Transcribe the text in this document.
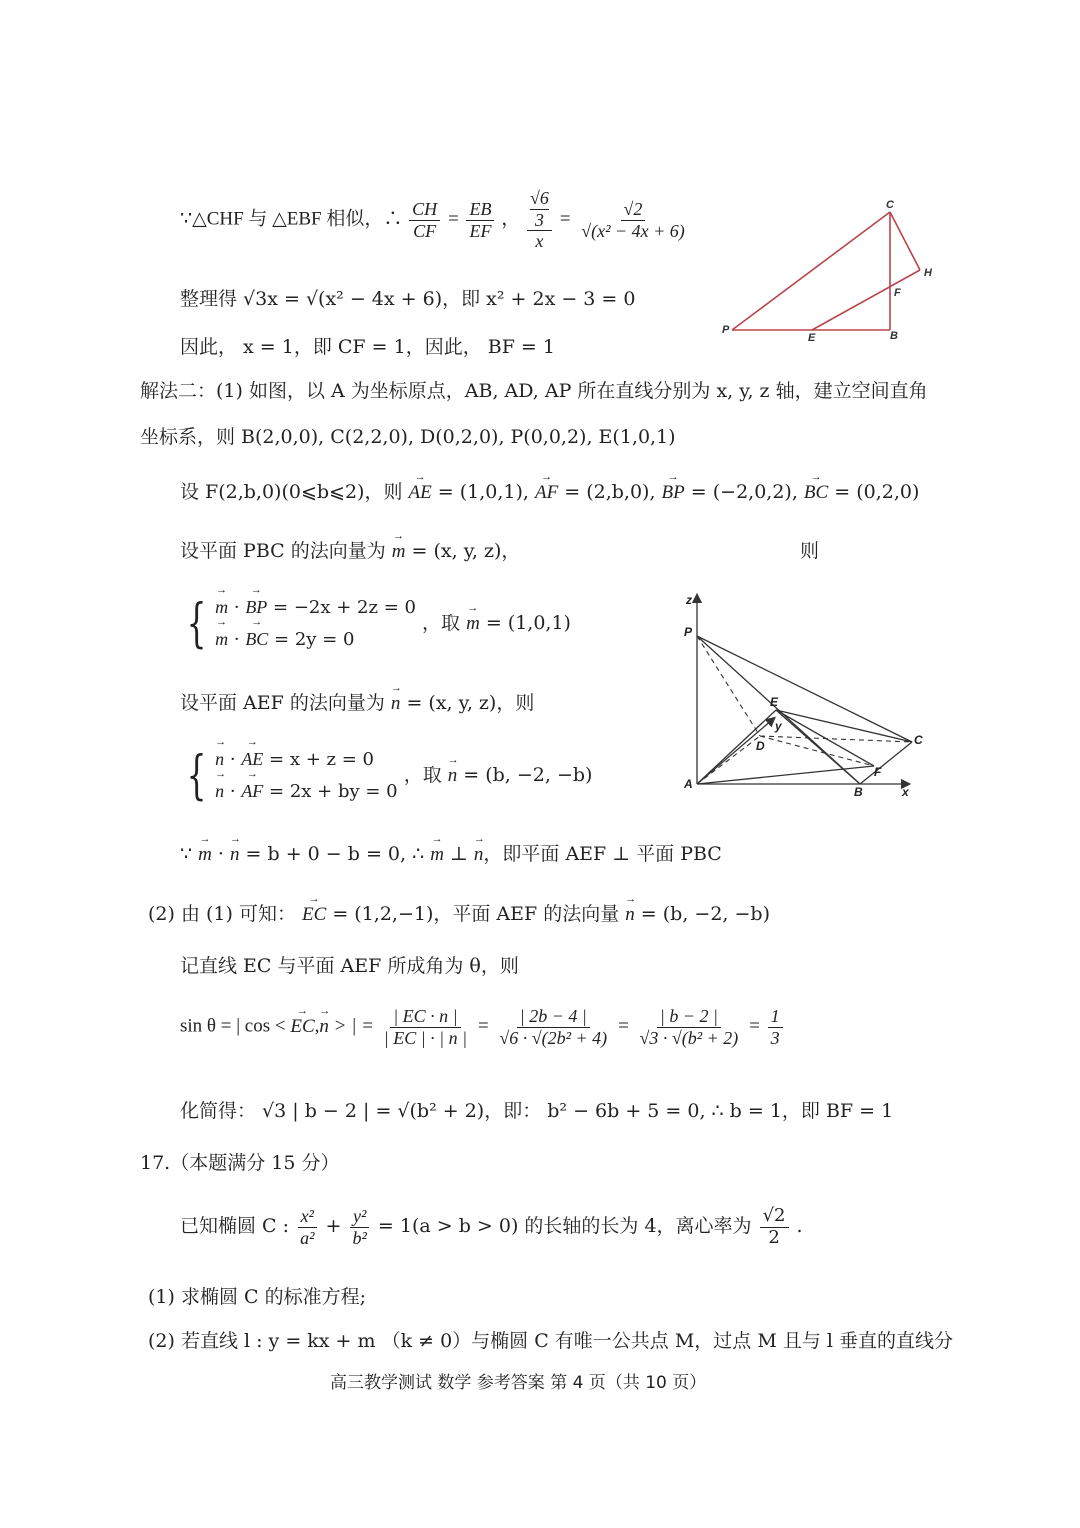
∵△CHF 与 △EBF 相似，∴ $\frac{CH}{CF} = \frac{EB}{EF}$ ， √6
3
$x = \frac{√2}{\text{√(x² − 4x + 6)}}$
整理得 √3x = √(x² − 4x + 6)，即 x² + 2x − 3 = 0
因此， x = 1，即 CF = 1，因此， BF = 1
C
H
F
P
E	B
解法二：(1) 如图，以 A 为坐标原点，AB, AD, AP 所在直线分别为 x, y, z 轴，建立空间直角
坐标系，则 B(2,0,0), C(2,2,0), D(0,2,0), P(0,0,2), E(1,0,1)
设 F(2,b,0)(0⩽b⩽2)，则 → AE = (1,0,1), → AF = (2,b,0), → BP = (−2,0,2), → BC = (0,2,0)
设平面 PBC 的法向量为 → m = (x, y, z)，	则
{ → m · → BP = −2x + 2z = 0
→ m · → BC = 2y = 0 ，取 → m = (1,0,1)
设平面 AEF 的法向量为 → n = (x, y, z)，则
{ → n · → AE = x + z = 0
→ n · → AF = 2x + by = 0 ，取 → n = (b, −2, −b)
z
P
E
y
D	C
F
A
B	x
∵ → m · → n = b + 0 − b = 0, ∴ → m ⊥ → n，即平面 AEF ⊥ 平面 PBC
(2) 由 (1) 可知： → EC = (1,2,−1)，平面 AEF 的法向量 → n = (b, −2, −b)
记直线 EC 与平面 AEF 所成角为 θ，则
sin θ = | cos < → EC,→ n > | = $\frac{| EC \cdot n |}{| EC | \cdot | n |} = \frac{| 2b - 4 |}{\text{√6 · √(2b² + 4)}} = \frac{| b - 2 |}{\text{√3 · √(b² + 2)}} = \frac{1}{3}$
化简得： √3 | b − 2 | = √(b² + 2)，即： b² − 6b + 5 = 0, ∴ b = 1，即 BF = 1
17.（本题满分 15 分）
已知椭圆 C : $\frac{\text{x²}}{\text{a²}} + \frac{\text{y²}}{\text{b²}} = 1(a > b > 0)$ 的长轴的长为 4，离心率为 $\frac{√2}{2}$ .
(1) 求椭圆 C 的标准方程;
(2) 若直线 l : y = kx + m （k ≠ 0）与椭圆 C 有唯一公共点 M，过点 M 且与 l 垂直的直线分
高三教学测试 数学 参考答案 第 4 页（共 10 页）
